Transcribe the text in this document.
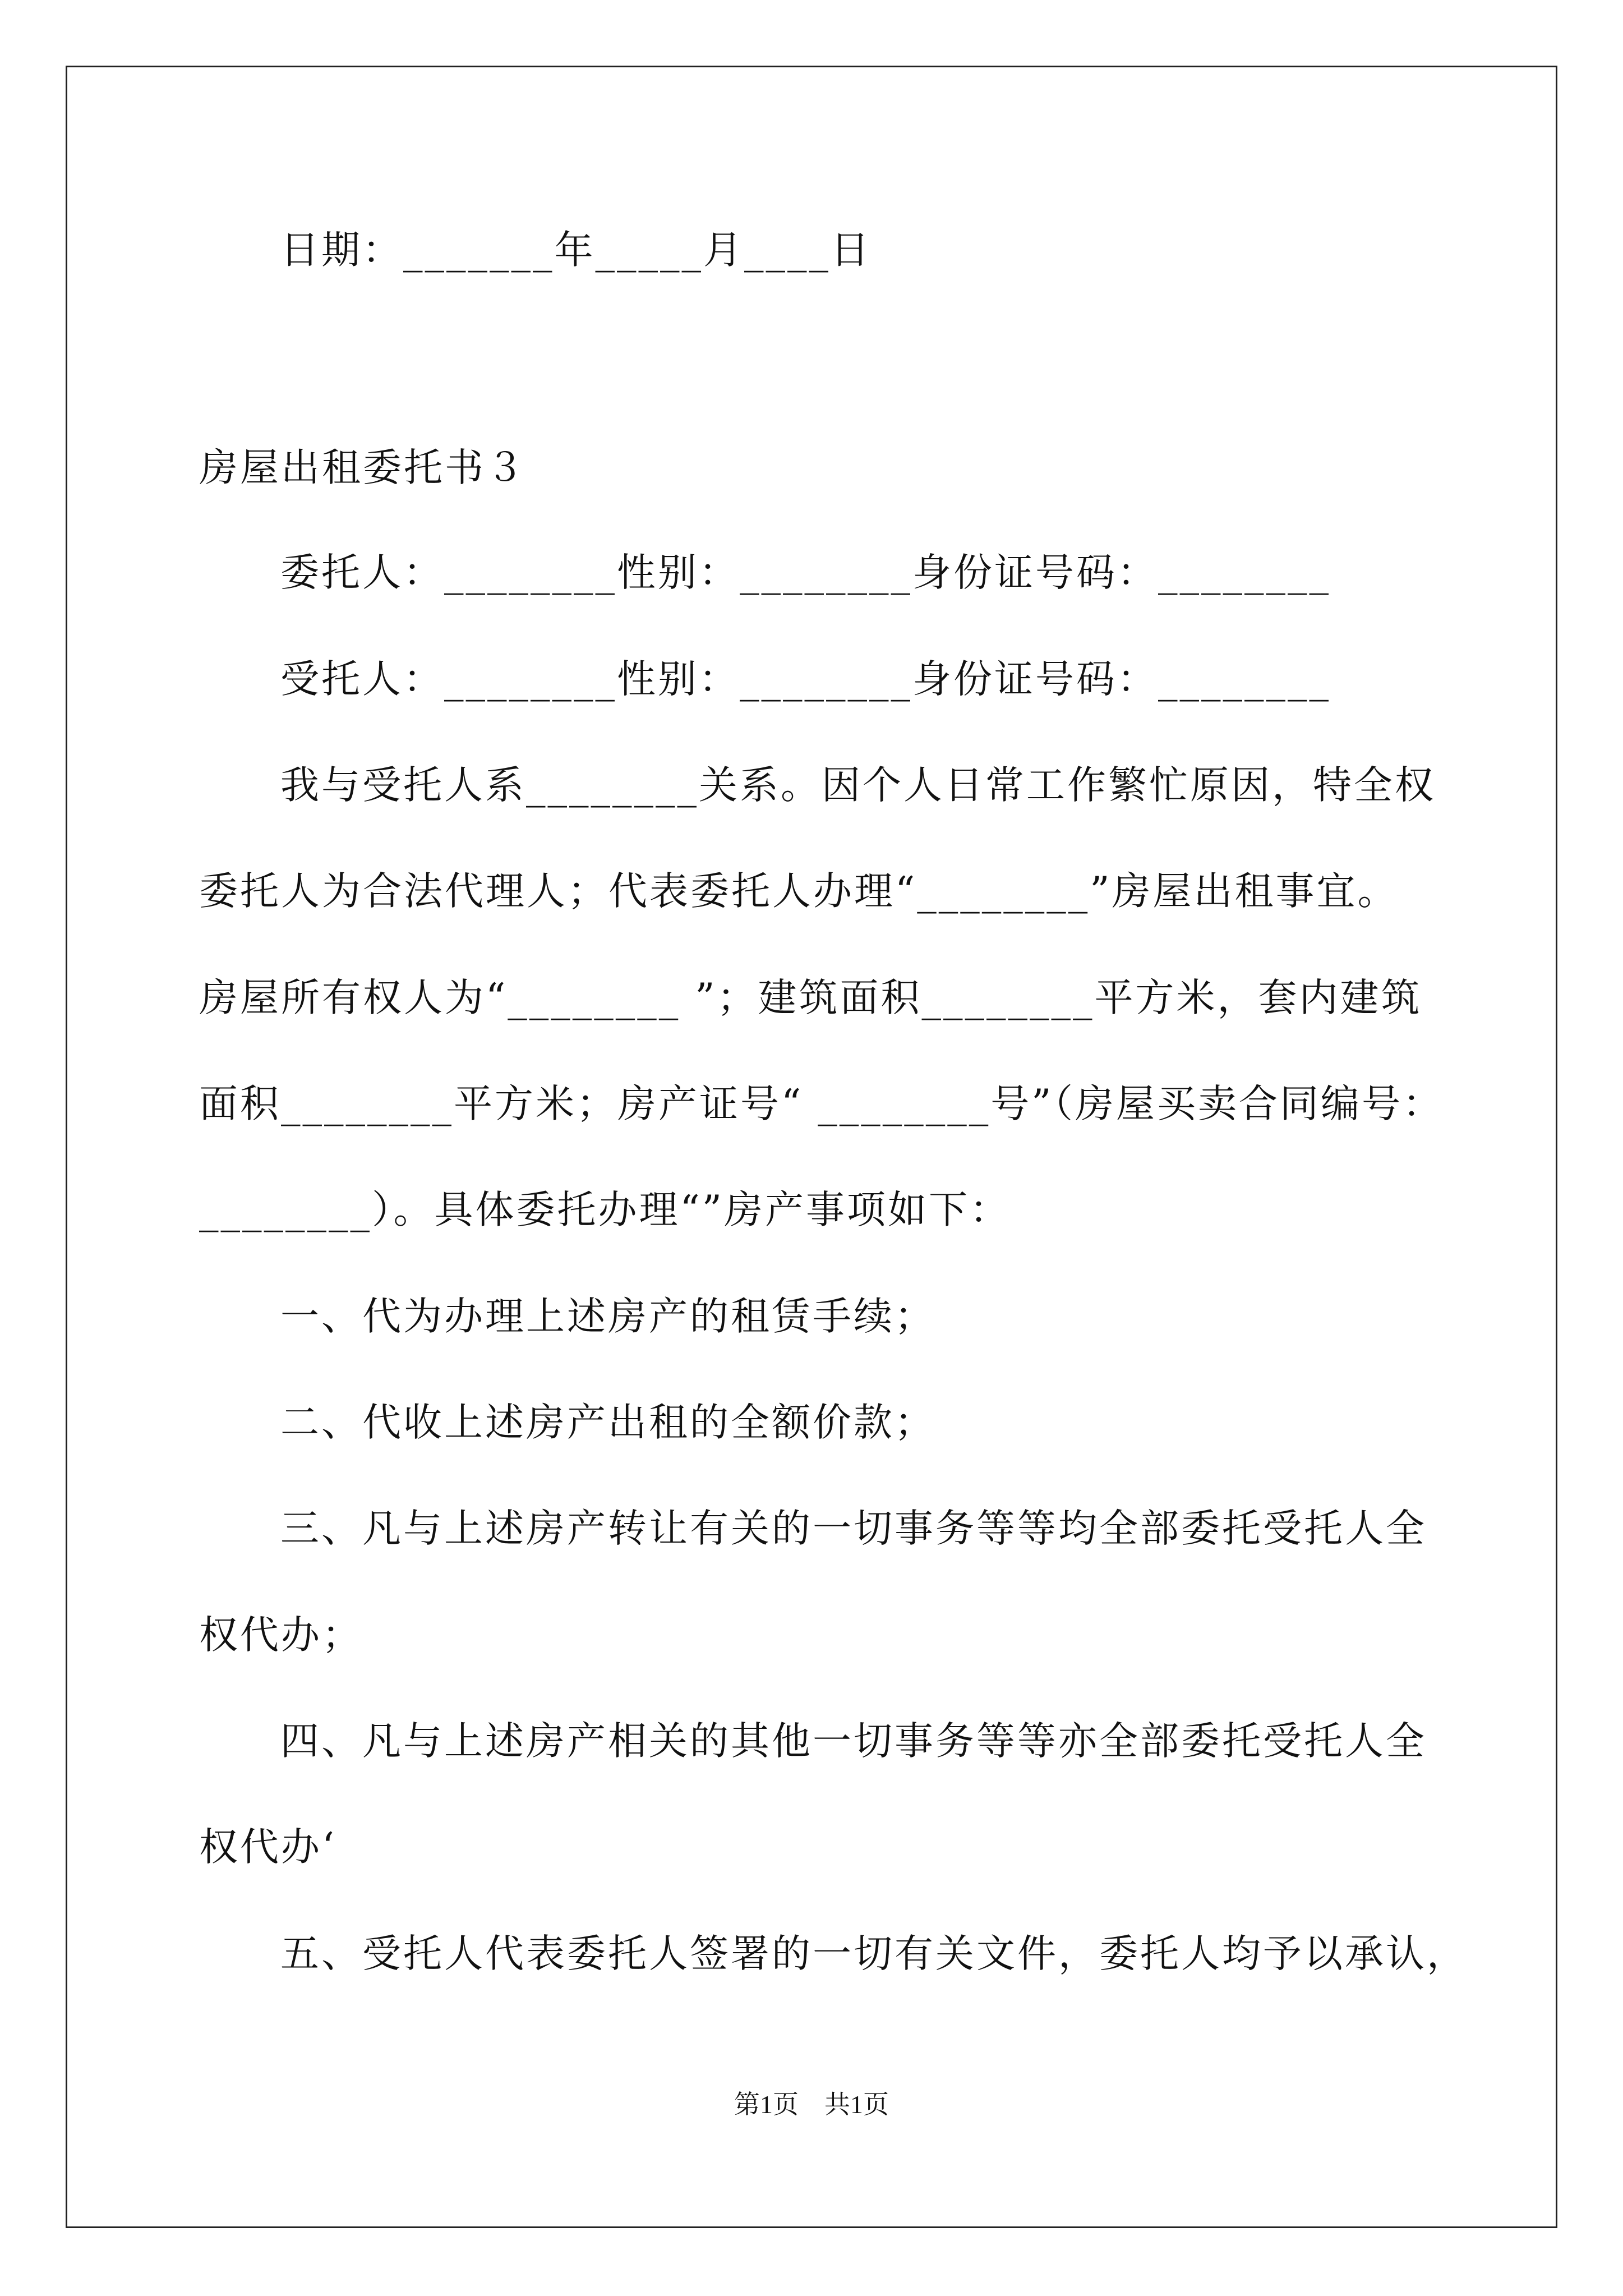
日期：_______年_____月____日
房屋出租委托书３
委托人：________性别：________身份证号码：________
受托人：________性别：________身份证号码：________
我与受托人系________关系。因个人日常工作繁忙原因，特全权
委托人为合法代理人；代表委托人办理“________”房屋出租事宜。
房屋所有权人为“________ ”；建筑面积________平方米，套内建筑
面积________平方米；房产证号“ ________号”（房屋买卖合同编号：
________）。具体委托办理“”房产事项如下：
一、代为办理上述房产的租赁手续；
二、代收上述房产出租的全额价款；
三、凡与上述房产转让有关的一切事务等等均全部委托受托人全
权代办；
四、凡与上述房产相关的其他一切事务等等亦全部委托受托人全
权代办‘
五、受托人代表委托人签署的一切有关文件，委托人均予以承认，
第1页　共1页
